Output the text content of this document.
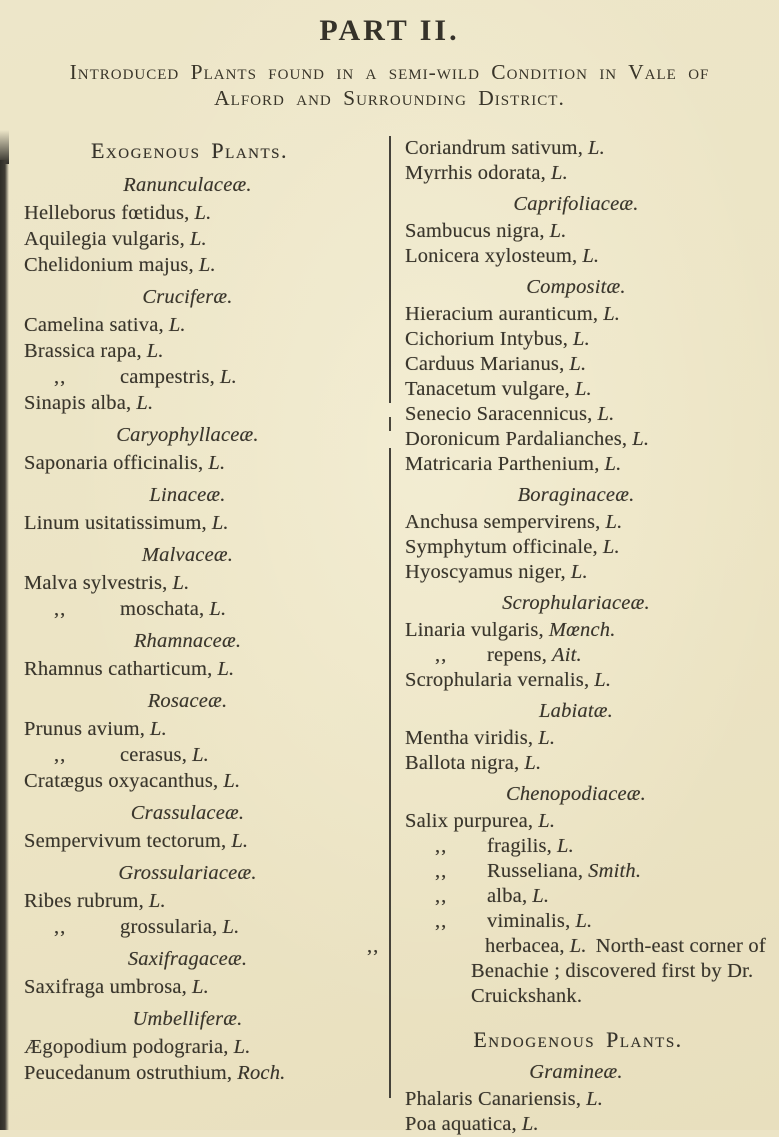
PART II.
Introduced Plants found in a semi-wild Condition in Vale of
Alford and Surrounding District.
Exogenous Plants.
Ranunculaceæ.
Helleborus fœtidus, L.
Aquilegia vulgaris, L.
Chelidonium majus, L.
Cruciferæ.
Camelina sativa, L.
Brassica rapa, L.
,,	campestris, L.
Sinapis alba, L.
Caryophyllaceæ.
Saponaria officinalis, L.
Linaceæ.
Linum usitatissimum, L.
Malvaceæ.
Malva sylvestris, L.
,,	moschata, L.
Rhamnaceæ.
Rhamnus catharticum, L.
Rosaceæ.
Prunus avium, L.
,,	cerasus, L.
Cratægus oxyacanthus, L.
Crassulaceæ.
Sempervivum tectorum, L.
Grossulariaceæ.
Ribes rubrum, L.
,,	grossularia, L.
Saxifragaceæ.
Saxifraga umbrosa, L.
Umbelliferæ.
Ægopodium podograria, L.
Peucedanum ostruthium, Roch.
Coriandrum sativum, L.
Myrrhis odorata, L.
Caprifoliaceæ.
Sambucus nigra, L.
Lonicera xylosteum, L.
Compositæ.
Hieracium auranticum, L.
Cichorium Intybus, L.
Carduus Marianus, L.
Tanacetum vulgare, L.
Senecio Saracennicus, L.
Doronicum Pardalianches, L.
Matricaria Parthenium, L.
Boraginaceæ.
Anchusa sempervirens, L.
Symphytum officinale, L.
Hyoscyamus niger, L.
Scrophulariaceæ.
Linaria vulgaris, Mœnch.
,, repens, Ait.
Scrophularia vernalis, L.
Labiatæ.
Mentha viridis, L.
Ballota nigra, L.
Chenopodiaceæ.
Salix purpurea, L.
,, fragilis, L.
,, Russeliana, Smith.
,, alba, L.
,, viminalis, L.
,,	herbacea, L. North-east corner of Benachie ; discovered first by Dr. Cruickshank.
Endogenous Plants.
Gramineæ.
Phalaris Canariensis, L.
Poa aquatica, L.
